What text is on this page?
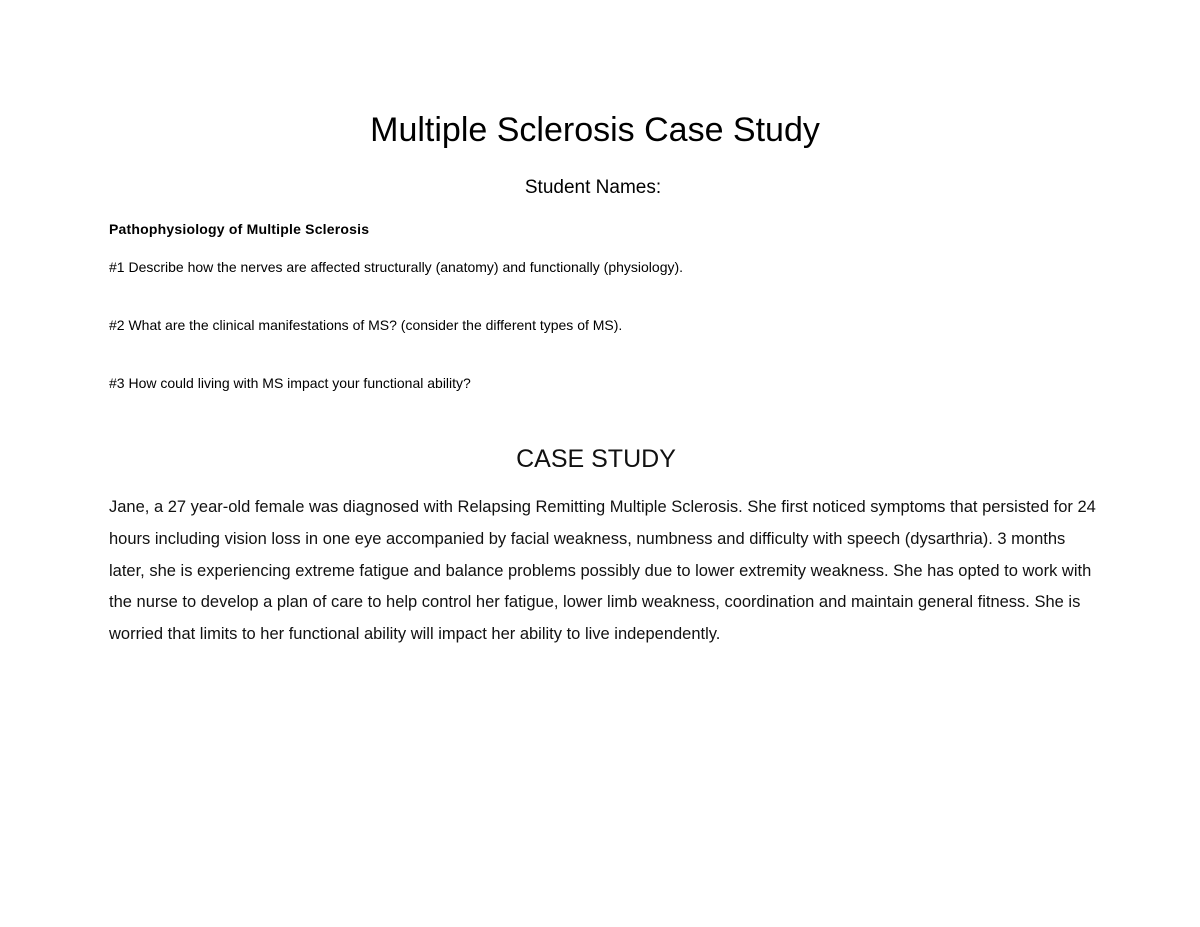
Multiple Sclerosis Case Study

Student Names:

Pathophysiology of Multiple Sclerosis

#1 Describe how the nerves are affected structurally (anatomy) and functionally (physiology).

#2 What are the clinical manifestations of MS? (consider the different types of MS).

#3 How could living with MS impact your functional ability?

CASE STUDY

Jane, a 27 year-old female was diagnosed with Relapsing Remitting Multiple Sclerosis. She first noticed symptoms that persisted for 24 hours including vision loss in one eye accompanied by facial weakness, numbness and difficulty with speech (dysarthria). 3 months later, she is experiencing extreme fatigue and balance problems possibly due to lower extremity weakness. She has opted to work with the nurse to develop a plan of care to help control her fatigue, lower limb weakness, coordination and maintain general fitness. She is worried that limits to her functional ability will impact her ability to live independently.
